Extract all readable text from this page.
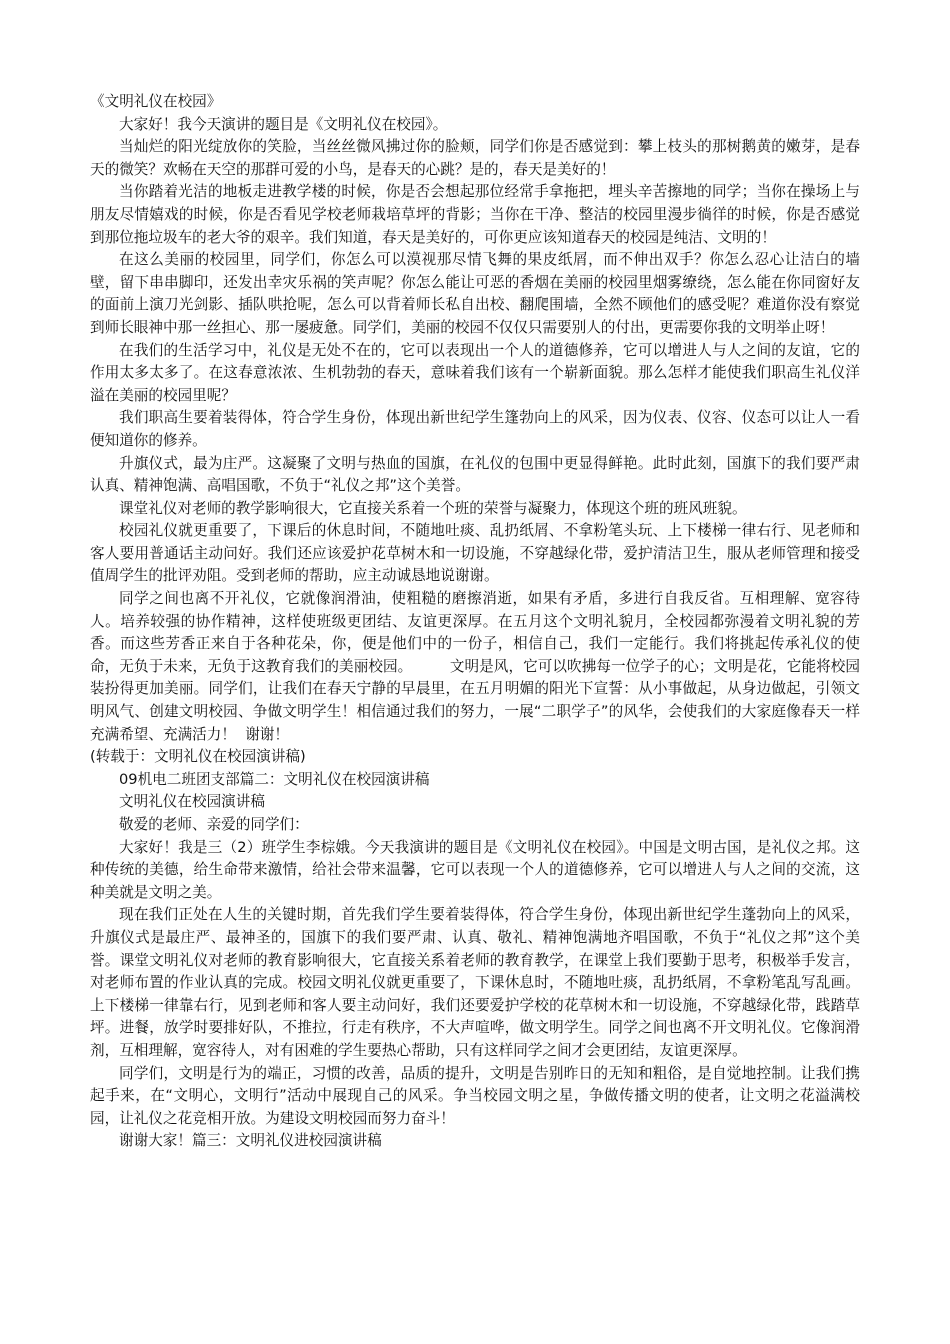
《文明礼仪在校园》

大家好！我今天演讲的题目是《文明礼仪在校园》。

当灿烂的阳光绽放你的笑脸，当丝丝微风拂过你的脸颊，同学们你是否感觉到：攀上枝头的那树鹅黄的嫩芽，是春天的微笑？欢畅在天空的那群可爱的小鸟，是春天的心跳？是的，春天是美好的！

当你踏着光洁的地板走进教学楼的时候，你是否会想起那位经常手拿拖把，埋头辛苦擦地的同学；当你在操场上与朋友尽情嬉戏的时候，你是否看见学校老师栽培草坪的背影；当你在干净、整洁的校园里漫步徜徉的时候，你是否感觉到那位拖垃圾车的老大爷的艰辛。我们知道，春天是美好的，可你更应该知道春天的校园是纯洁、文明的！

在这么美丽的校园里，同学们，你怎么可以漠视那尽情飞舞的果皮纸屑，而不伸出双手？你怎么忍心让洁白的墙壁，留下串串脚印，还发出幸灾乐祸的笑声呢？你怎么能让可恶的香烟在美丽的校园里烟雾缭绕，怎么能在你同窗好友的面前上演刀光剑影、插队哄抢呢，怎么可以背着师长私自出校、翻爬围墙，全然不顾他们的感受呢？难道你没有察觉到师长眼神中那一丝担心、那一屡疲惫。同学们，美丽的校园不仅仅只需要别人的付出，更需要你我的文明举止呀！

在我们的生活学习中，礼仪是无处不在的，它可以表现出一个人的道德修养，它可以增进人与人之间的友谊，它的作用太多太多了。在这春意浓浓、生机勃勃的春天，意味着我们该有一个崭新面貌。那么怎样才能使我们职高生礼仪洋溢在美丽的校园里呢？

我们职高生要着装得体，符合学生身份，体现出新世纪学生篷勃向上的风采，因为仪表、仪容、仪态可以让人一看便知道你的修养。

升旗仪式，最为庄严。这凝聚了文明与热血的国旗，在礼仪的包围中更显得鲜艳。此时此刻，国旗下的我们要严肃认真、精神饱满、高唱国歌，不负于“礼仪之邦”这个美誉。

课堂礼仪对老师的教学影响很大，它直接关系着一个班的荣誉与凝聚力，体现这个班的班风班貌。

校园礼仪就更重要了，下课后的休息时间，不随地吐痰、乱扔纸屑、不拿粉笔头玩、上下楼梯一律右行、见老师和客人要用普通话主动问好。我们还应该爱护花草树木和一切设施，不穿越绿化带，爱护清洁卫生，服从老师管理和接受值周学生的批评劝阻。受到老师的帮助，应主动诚恳地说谢谢。

同学之间也离不开礼仪，它就像润滑油，使粗糙的磨擦消逝，如果有矛盾，多进行自我反省。互相理解、宽容待人。培养较强的协作精神，这样使班级更团结、友谊更深厚。在五月这个文明礼貌月，全校园都弥漫着文明礼貌的芳香。而这些芳香正来自于各种花朵，你，便是他们中的一份子，相信自己，我们一定能行。我们将挑起传承礼仪的使命，无负于未来，无负于这教育我们的美丽校园。        文明是风，它可以吹拂每一位学子的心；文明是花，它能将校园装扮得更加美丽。同学们，让我们在春天宁静的早晨里，在五月明媚的阳光下宣誓：从小事做起，从身边做起，引领文明风气、创建文明校园、争做文明学生！相信通过我们的努力，一展“二职学子”的风华，会使我们的大家庭像春天一样充满希望、充满活力！  谢谢！

(转载于：文明礼仪在校园演讲稿)

09机电二班团支部篇二：文明礼仪在校园演讲稿

文明礼仪在校园演讲稿

敬爱的老师、亲爱的同学们：

大家好！我是三（2）班学生李棕娥。今天我演讲的题目是《文明礼仪在校园》。中国是文明古国，是礼仪之邦。这种传统的美德，给生命带来激情，给社会带来温馨，它可以表现一个人的道德修养，它可以增进人与人之间的交流，这种美就是文明之美。

现在我们正处在人生的关键时期，首先我们学生要着装得体，符合学生身份，体现出新世纪学生蓬勃向上的风采，升旗仪式是最庄严、最神圣的，国旗下的我们要严肃、认真、敬礼、精神饱满地齐唱国歌，不负于“礼仪之邦”这个美誉。课堂文明礼仪对老师的教育影响很大，它直接关系着老师的教育教学，在课堂上我们要勤于思考，积极举手发言，对老师布置的作业认真的完成。校园文明礼仪就更重要了，下课休息时，不随地吐痰，乱扔纸屑，不拿粉笔乱写乱画。上下楼梯一律靠右行，见到老师和客人要主动问好，我们还要爱护学校的花草树木和一切设施，不穿越绿化带，践踏草坪。进餐，放学时要排好队，不推拉，行走有秩序，不大声喧哗，做文明学生。同学之间也离不开文明礼仪。它像润滑剂，互相理解，宽容待人，对有困难的学生要热心帮助，只有这样同学之间才会更团结，友谊更深厚。

同学们，文明是行为的端正，习惯的改善，品质的提升，文明是告别昨日的无知和粗俗，是自觉地控制。让我们携起手来，在“文明心，文明行”活动中展现自己的风采。争当校园文明之星，争做传播文明的使者，让文明之花溢满校园，让礼仪之花竞相开放。为建设文明校园而努力奋斗！

谢谢大家！篇三：文明礼仪进校园演讲稿
